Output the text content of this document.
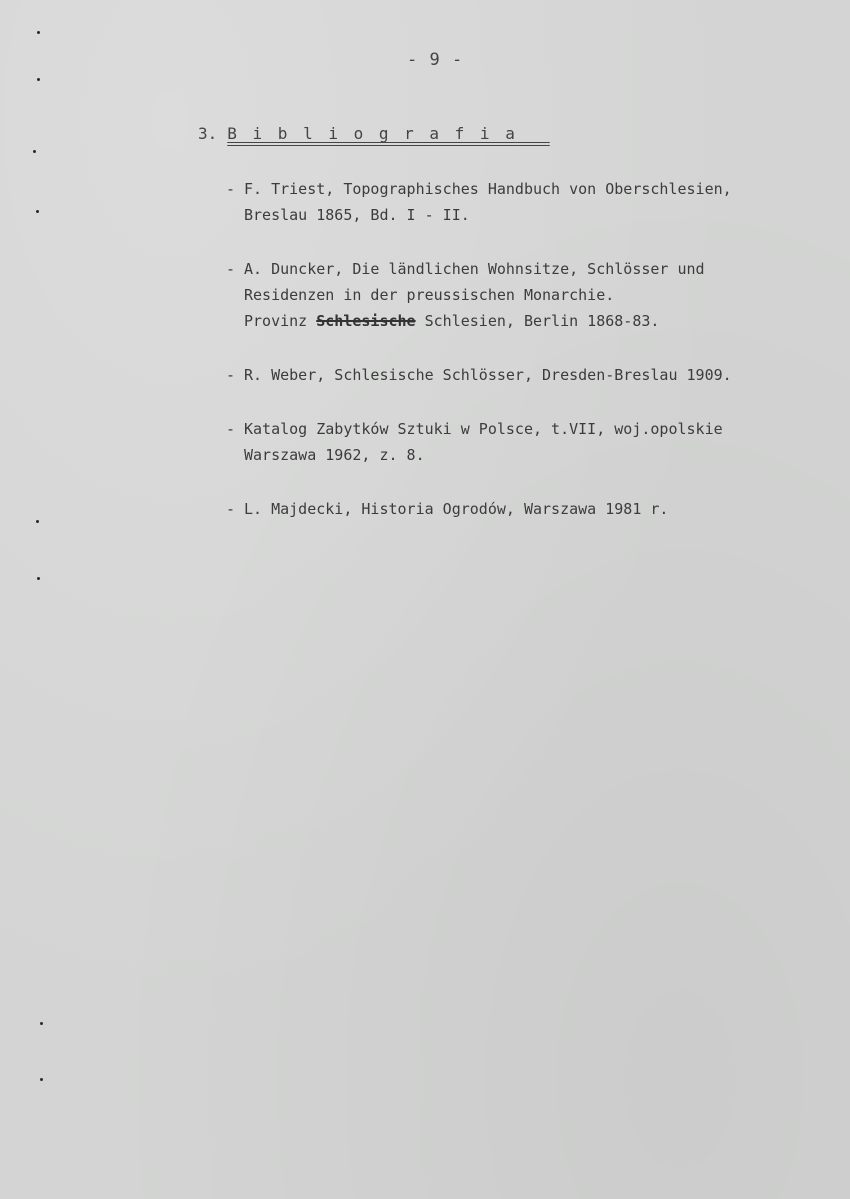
- 9 -
3. B i b l i o g r a f i a___
- F. Triest, Topographisches Handbuch von Oberschlesien,
Breslau 1865, Bd. I - II.
- A. Duncker, Die ländlichen Wohnsitze, Schlösser und
Residenzen in der preussischen Monarchie.
Provinz Schlesische Schlesien, Berlin 1868-83.
- R. Weber, Schlesische Schlösser, Dresden-Breslau 1909.
- Katalog Zabytków Sztuki w Polsce, t.VII, woj.opolskie
Warszawa 1962, z. 8.
- L. Majdecki, Historia Ogrodów, Warszawa 1981 r.
